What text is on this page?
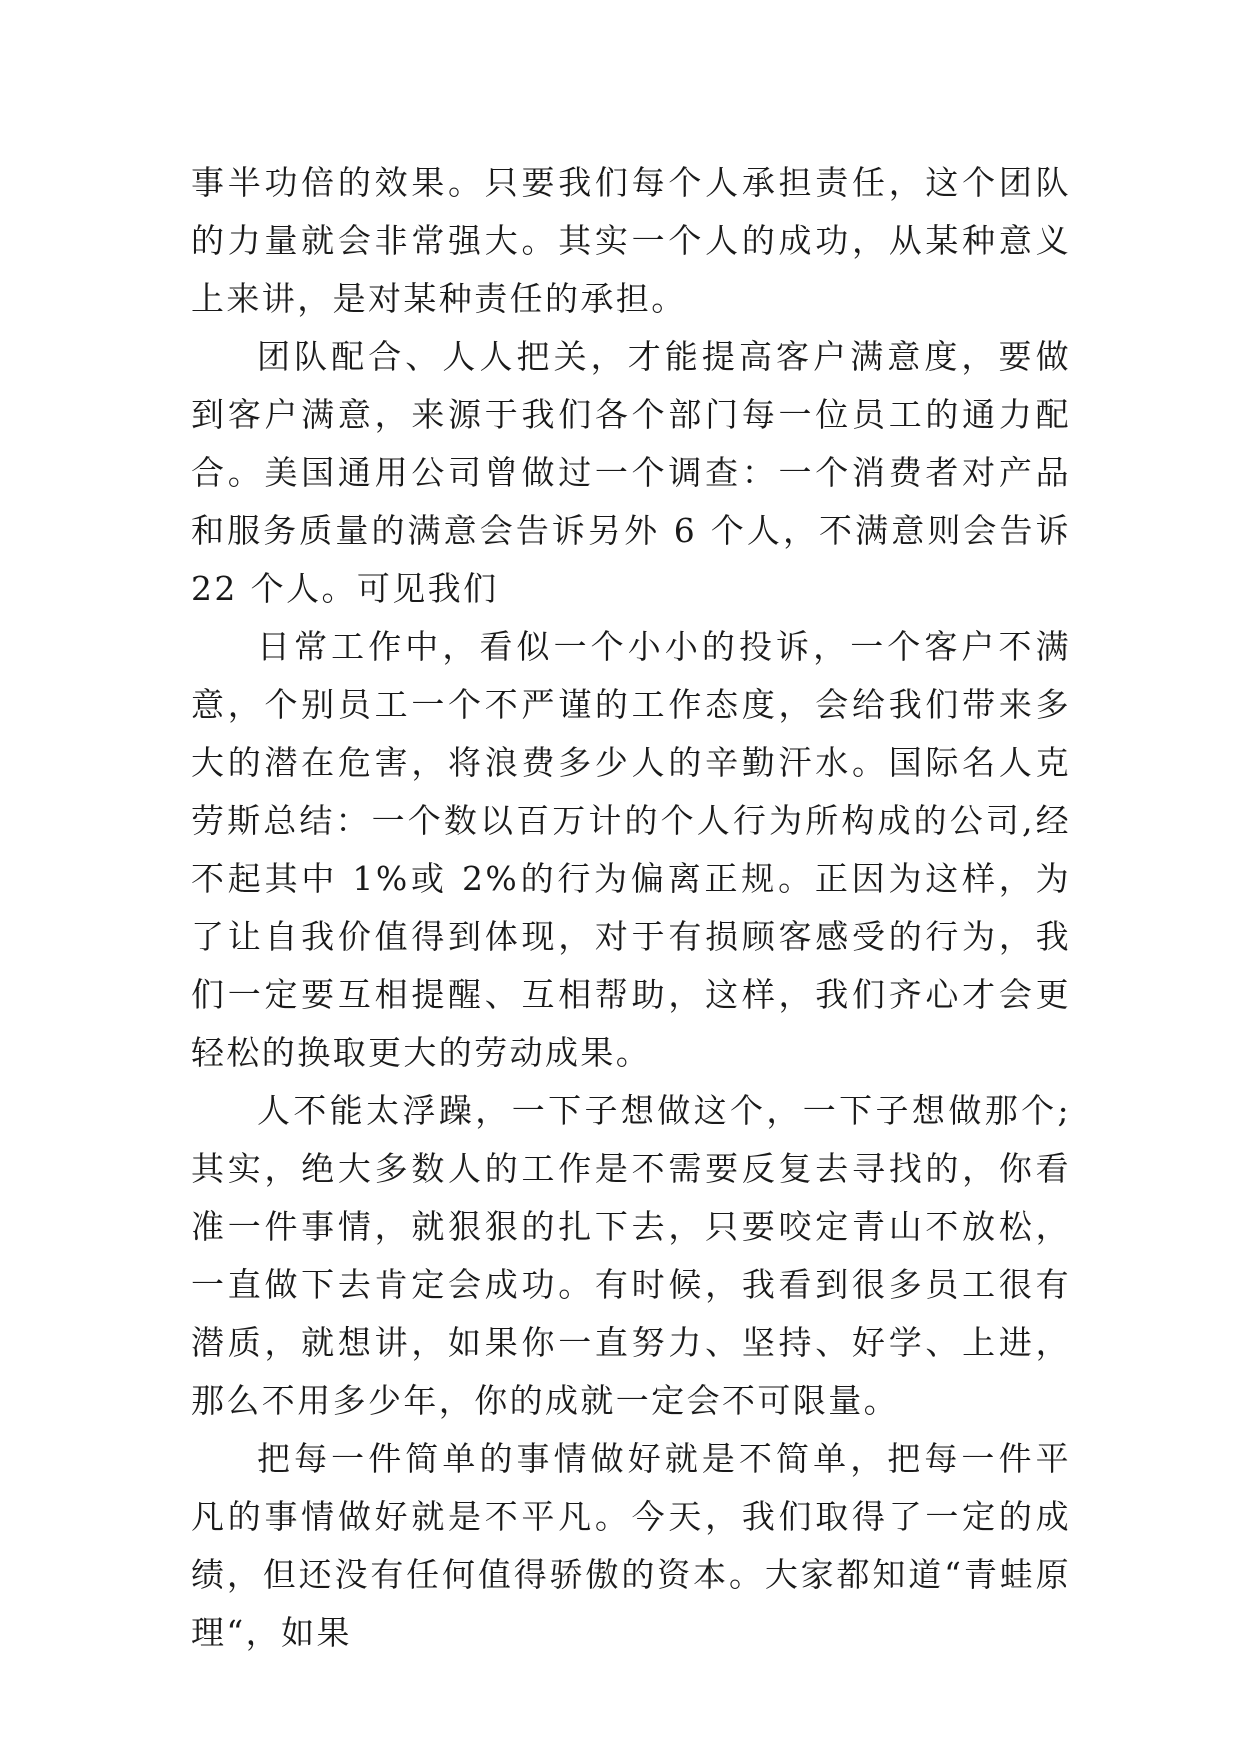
事半功倍的效果。只要我们每个人承担责任，这个团队的力量就会非常强大。其实一个人的成功，从某种意义上来讲，是对某种责任的承担。

团队配合、人人把关，才能提高客户满意度，要做到客户满意，来源于我们各个部门每一位员工的通力配合。美国通用公司曾做过一个调查：一个消费者对产品和服务质量的满意会告诉另外 6 个人，不满意则会告诉 22 个人。可见我们

日常工作中，看似一个小小的投诉，一个客户不满意，个别员工一个不严谨的工作态度，会给我们带来多大的潜在危害，将浪费多少人的辛勤汗水。国际名人克劳斯总结：一个数以百万计的个人行为所构成的公司,经不起其中 1%或 2%的行为偏离正规。正因为这样，为了让自我价值得到体现，对于有损顾客感受的行为，我们一定要互相提醒、互相帮助，这样，我们齐心才会更轻松的换取更大的劳动成果。

人不能太浮躁，一下子想做这个，一下子想做那个;其实，绝大多数人的工作是不需要反复去寻找的，你看准一件事情，就狠狠的扎下去，只要咬定青山不放松，一直做下去肯定会成功。有时候，我看到很多员工很有潜质，就想讲，如果你一直努力、坚持、好学、上进，那么不用多少年，你的成就一定会不可限量。

把每一件简单的事情做好就是不简单，把每一件平凡的事情做好就是不平凡。今天，我们取得了一定的成绩，但还没有任何值得骄傲的资本。大家都知道“青蛙原理“，如果
